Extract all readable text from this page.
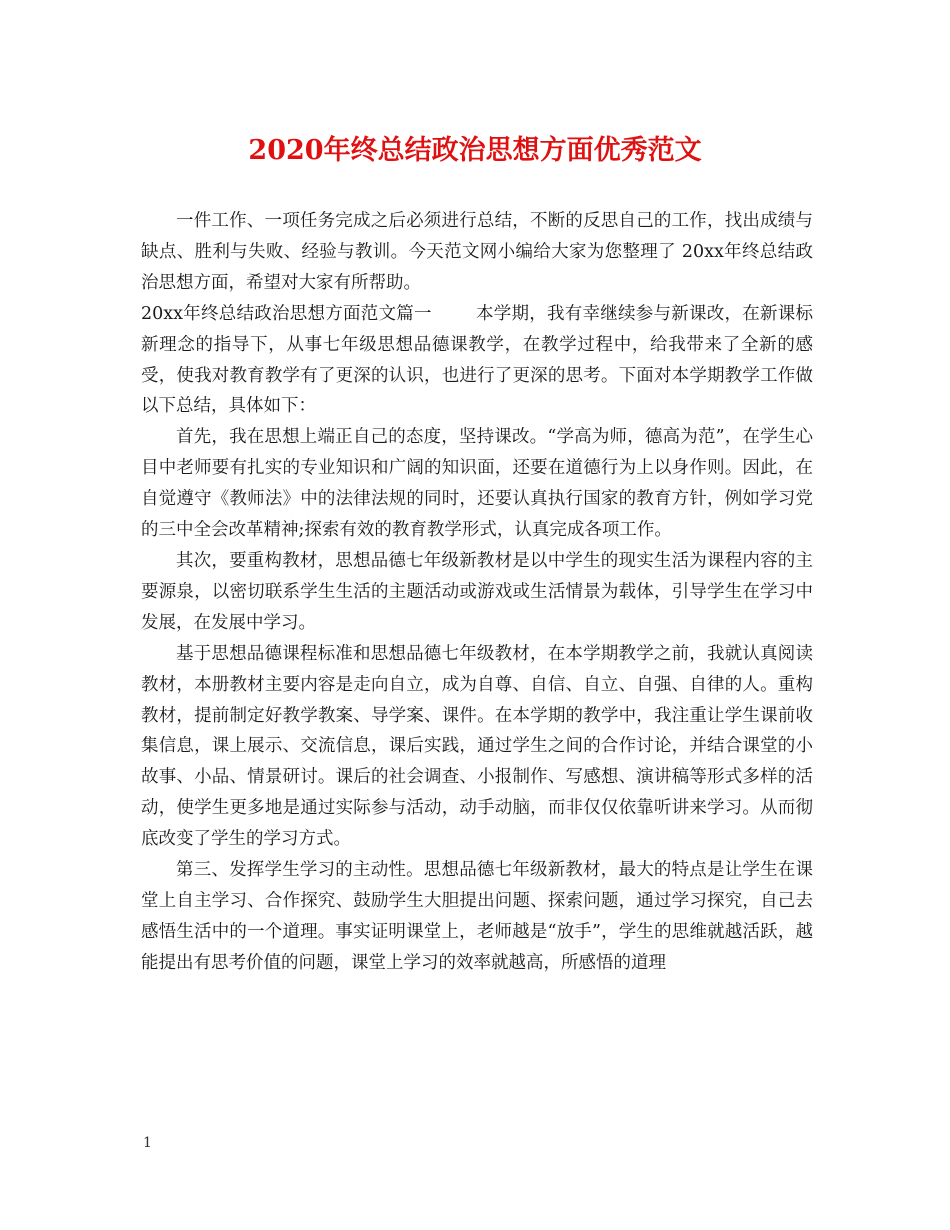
2020年终总结政治思想方面优秀范文

一件工作、一项任务完成之后必须进行总结，不断的反思自己的工作，找出成绩与缺点、胜利与失败、经验与教训。今天范文网小编给大家为您整理了 20xx年终总结政治思想方面，希望对大家有所帮助。

20xx年终总结政治思想方面范文篇一	本学期，我有幸继续参与新课改，在新课标新理念的指导下，从事七年级思想品德课教学，在教学过程中，给我带来了全新的感受，使我对教育教学有了更深的认识，也进行了更深的思考。下面对本学期教学工作做以下总结，具体如下：

首先，我在思想上端正自己的态度，坚持课改。“学高为师，德高为范”，在学生心目中老师要有扎实的专业知识和广阔的知识面，还要在道德行为上以身作则。因此，在自觉遵守《教师法》中的法律法规的同时，还要认真执行国家的教育方针，例如学习党的三中全会改革精神;探索有效的教育教学形式，认真完成各项工作。

其次，要重构教材，思想品德七年级新教材是以中学生的现实生活为课程内容的主要源泉，以密切联系学生生活的主题活动或游戏或生活情景为载体，引导学生在学习中发展，在发展中学习。

基于思想品德课程标准和思想品德七年级教材，在本学期教学之前，我就认真阅读教材，本册教材主要内容是走向自立，成为自尊、自信、自立、自强、自律的人。重构教材，提前制定好教学教案、导学案、课件。在本学期的教学中，我注重让学生课前收集信息，课上展示、交流信息，课后实践，通过学生之间的合作讨论，并结合课堂的小故事、小品、情景研讨。课后的社会调查、小报制作、写感想、演讲稿等形式多样的活动，使学生更多地是通过实际参与活动，动手动脑，而非仅仅依靠听讲来学习。从而彻底改变了学生的学习方式。

第三、发挥学生学习的主动性。思想品德七年级新教材，最大的特点是让学生在课堂上自主学习、合作探究、鼓励学生大胆提出问题、探索问题，通过学习探究，自己去感悟生活中的一个道理。事实证明课堂上，老师越是“放手”，学生的思维就越活跃，越能提出有思考价值的问题，课堂上学习的效率就越高，所感悟的道理

1
